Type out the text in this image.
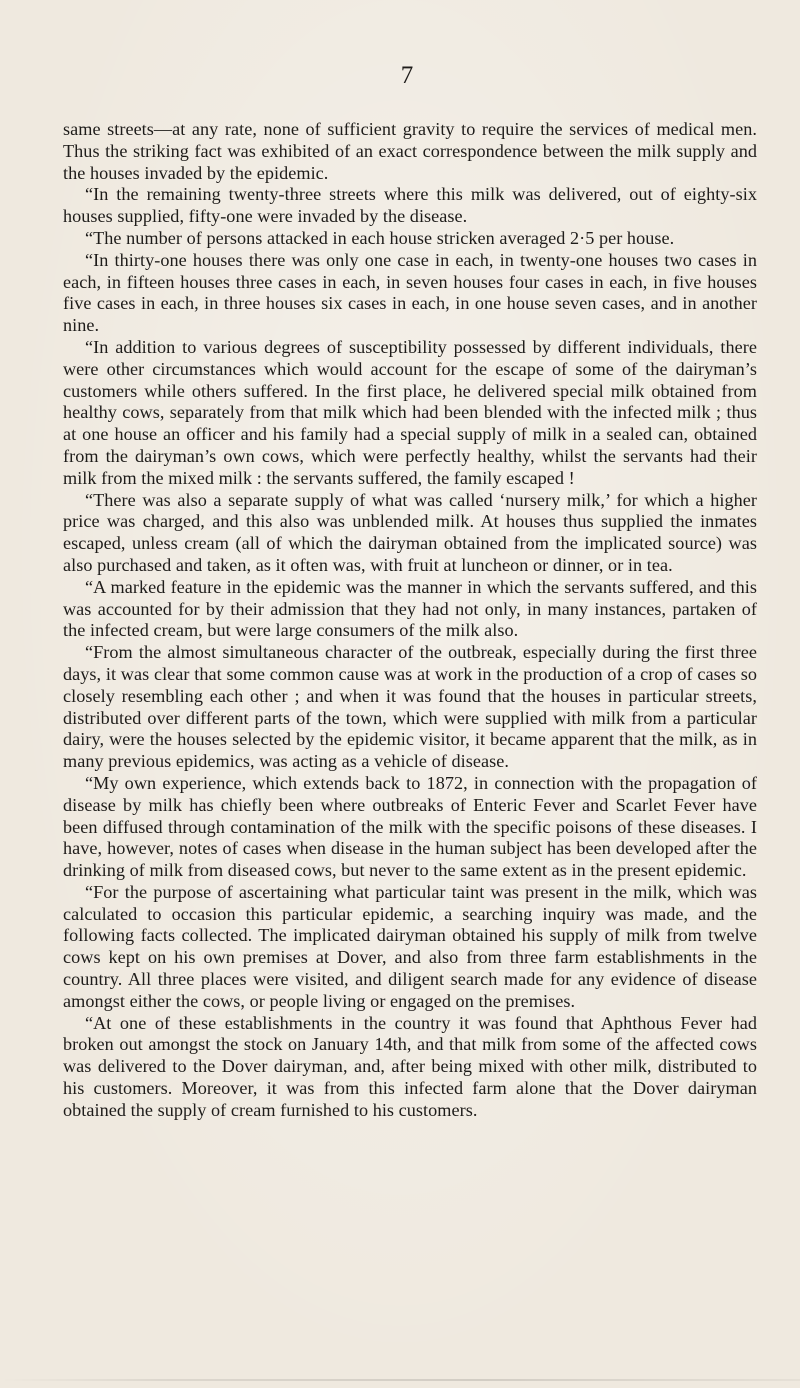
7

same streets—at any rate, none of sufficient gravity to require the services of medical men. Thus the striking fact was exhibited of an exact correspondence between the milk supply and the houses invaded by the epidemic.

“In the remaining twenty-three streets where this milk was delivered, out of eighty-six houses supplied, fifty-one were invaded by the disease.

“The number of persons attacked in each house stricken averaged 2·5 per house.

“In thirty-one houses there was only one case in each, in twenty-one houses two cases in each, in fifteen houses three cases in each, in seven houses four cases in each, in five houses five cases in each, in three houses six cases in each, in one house seven cases, and in another nine.

“In addition to various degrees of susceptibility possessed by different individuals, there were other circumstances which would account for the escape of some of the dairyman’s customers while others suffered. In the first place, he delivered special milk obtained from healthy cows, separately from that milk which had been blended with the infected milk ; thus at one house an officer and his family had a special supply of milk in a sealed can, obtained from the dairyman’s own cows, which were perfectly healthy, whilst the servants had their milk from the mixed milk : the servants suffered, the family escaped !

“There was also a separate supply of what was called ‘nursery milk,’ for which a higher price was charged, and this also was unblended milk. At houses thus supplied the inmates escaped, unless cream (all of which the dairyman obtained from the implicated source) was also purchased and taken, as it often was, with fruit at luncheon or dinner, or in tea.

“A marked feature in the epidemic was the manner in which the servants suffered, and this was accounted for by their admission that they had not only, in many instances, partaken of the infected cream, but were large consumers of the milk also.

“From the almost simultaneous character of the outbreak, especially during the first three days, it was clear that some common cause was at work in the production of a crop of cases so closely resembling each other ; and when it was found that the houses in particular streets, distributed over different parts of the town, which were supplied with milk from a particular dairy, were the houses selected by the epidemic visitor, it became apparent that the milk, as in many previous epidemics, was acting as a vehicle of disease.

“My own experience, which extends back to 1872, in connection with the propagation of disease by milk has chiefly been where outbreaks of Enteric Fever and Scarlet Fever have been diffused through contamination of the milk with the specific poisons of these diseases. I have, however, notes of cases when disease in the human subject has been developed after the drinking of milk from diseased cows, but never to the same extent as in the present epidemic.

“For the purpose of ascertaining what particular taint was present in the milk, which was calculated to occasion this particular epidemic, a searching inquiry was made, and the following facts collected. The implicated dairyman obtained his supply of milk from twelve cows kept on his own premises at Dover, and also from three farm establishments in the country. All three places were visited, and diligent search made for any evidence of disease amongst either the cows, or people living or engaged on the premises.

“At one of these establishments in the country it was found that Aphthous Fever had broken out amongst the stock on January 14th, and that milk from some of the affected cows was delivered to the Dover dairyman, and, after being mixed with other milk, distributed to his customers. Moreover, it was from this infected farm alone that the Dover dairyman obtained the supply of cream furnished to his customers.
